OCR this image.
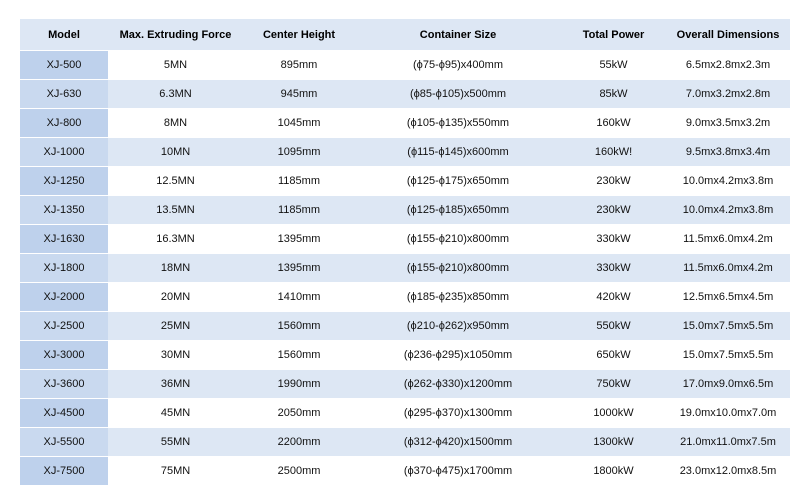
Model	Max. Extruding Force	Center Height	Container Size	Total Power	Overall Dimensions
XJ-500	5MN	895mm	(ϕ75-ϕ95)x400mm	55kW	6.5mx2.8mx2.3m
XJ-630	6.3MN	945mm	(ϕ85-ϕ105)x500mm	85kW	7.0mx3.2mx2.8m
XJ-800	8MN	1045mm	(ϕ105-ϕ135)x550mm	160kW	9.0mx3.5mx3.2m
XJ-1000	10MN	1095mm	(ϕ115-ϕ145)x600mm	160kW!	9.5mx3.8mx3.4m
XJ-1250	12.5MN	1185mm	(ϕ125-ϕ175)x650mm	230kW	10.0mx4.2mx3.8m
XJ-1350	13.5MN	1185mm	(ϕ125-ϕ185)x650mm	230kW	10.0mx4.2mx3.8m
XJ-1630	16.3MN	1395mm	(ϕ155-ϕ210)x800mm	330kW	11.5mx6.0mx4.2m
XJ-1800	18MN	1395mm	(ϕ155-ϕ210)x800mm	330kW	11.5mx6.0mx4.2m
XJ-2000	20MN	1410mm	(ϕ185-ϕ235)x850mm	420kW	12.5mx6.5mx4.5m
XJ-2500	25MN	1560mm	(ϕ210-ϕ262)x950mm	550kW	15.0mx7.5mx5.5m
XJ-3000	30MN	1560mm	(ϕ236-ϕ295)x1050mm	650kW	15.0mx7.5mx5.5m
XJ-3600	36MN	1990mm	(ϕ262-ϕ330)x1200mm	750kW	17.0mx9.0mx6.5m
XJ-4500	45MN	2050mm	(ϕ295-ϕ370)x1300mm	1000kW	19.0mx10.0mx7.0m
XJ-5500	55MN	2200mm	(ϕ312-ϕ420)x1500mm	1300kW	21.0mx11.0mx7.5m
XJ-7500	75MN	2500mm	(ϕ370-ϕ475)x1700mm	1800kW	23.0mx12.0mx8.5m
